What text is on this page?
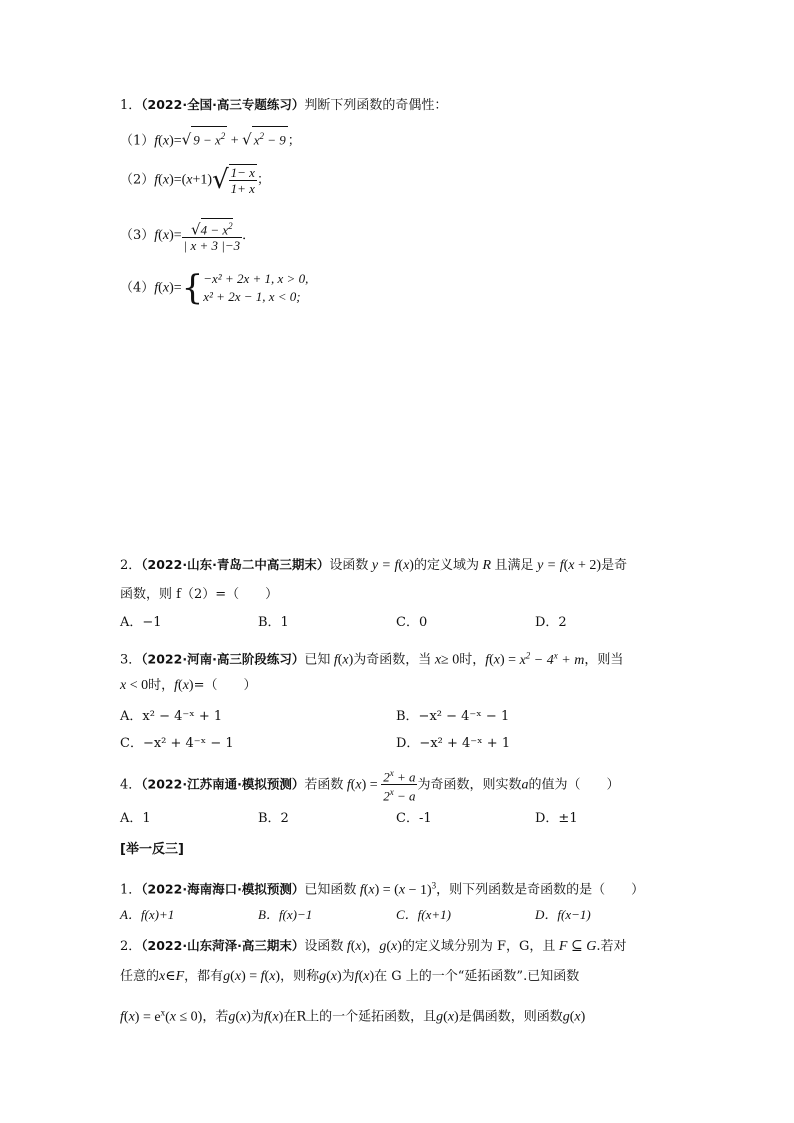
1．（2022·全国·高三专题练习）判断下列函数的奇偶性：
（1）f(x)=√ $9 - x^2$ + √ $x^2 - 9$ ；
$(2)f(x)=(x+1)√ \frac{1- x}{1+ x}$ ；
$(3)f(x)= \frac{√4 - x^2}{| x + 3 |-3}$ ．
（4）f(x)={ −x² + 2x + 1, x > 0,
x² + 2x − 1, x < 0;
2．（2022·山东·青岛二中高三期末）设函数 y = f(x)的定义域为 R 且满足 y = f(x + 2)是奇
函数，则 f（2）=（　　）
A．−1	B．1	C．0	D．2
3．（2022·河南·高三阶段练习）已知 f(x)为奇函数，当 x≥ 0时，$f(x) = x^2 - 4^x + m$，则当
x < 0时，f(x)=（　　）
A．x² − 4⁻ˣ + 1	B．−x² − 4⁻ˣ − 1
C．−x² + 4⁻ˣ − 1	D．−x² + 4⁻ˣ + 1
4．（2022·江苏南通·模拟预测）若函数 $f(x) = \frac{2^x + a}{2^x - a}$ 为奇函数，则实数a的值为（　　）
A．1	B．2	C．-1	D．±1
[举一反三]
1．（2022·海南海口·模拟预测）已知函数 $f(x) = (x - 1)^3$，则下列函数是奇函数的是（　　）
A．f(x)+1	B．f(x)−1	C．f(x+1)	D．f(x−1)
2．（2022·山东菏泽·高三期末）设函数 f(x)，g(x)的定义域分别为 F，G，且 F ⊆ G.若对
任意的x∈F，都有g(x) = f(x)，则称g(x)为f(x)在 G 上的一个“延拓函数”.已知函数
$f(x) = e^x(x \le 0)$，若g(x)为f(x)在R上的一个延拓函数，且g(x)是偶函数，则函数g(x)
